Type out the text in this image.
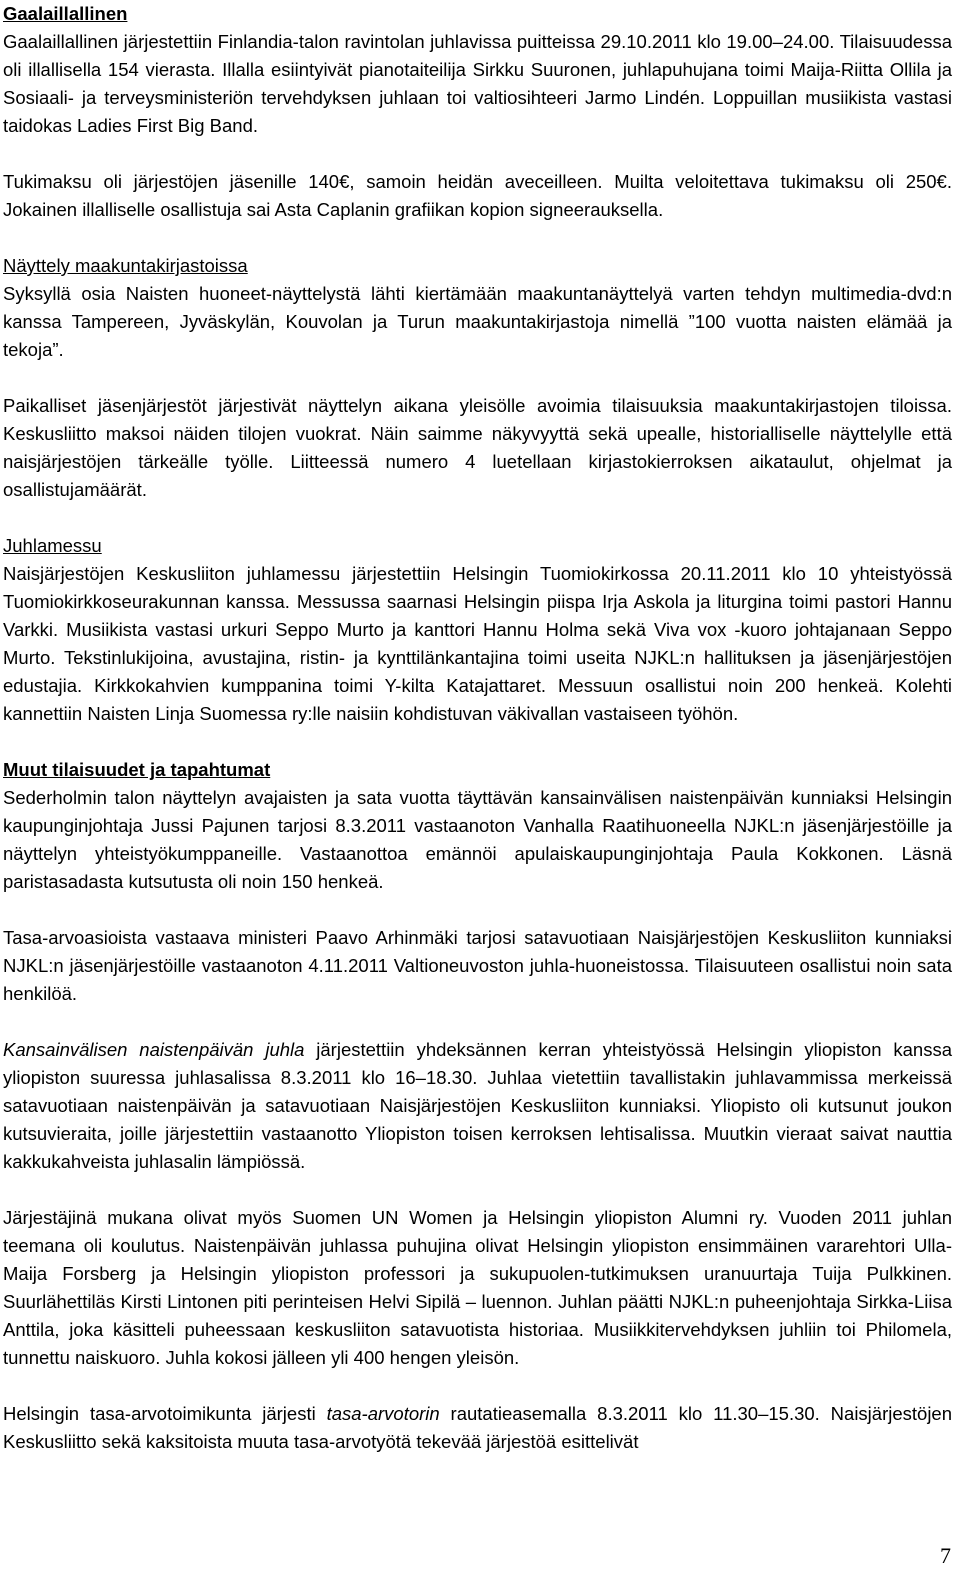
Gaalaillallinen

Gaalaillallinen järjestettiin Finlandia-talon ravintolan juhlavissa puitteissa 29.10.2011 klo 19.00–24.00. Tilaisuudessa oli illallisella 154 vierasta. Illalla esiintyivät pianotaiteilija Sirkku Suuronen, juhlapuhujana toimi Maija-Riitta Ollila ja Sosiaali- ja terveysministeriön tervehdyksen juhlaan toi valtiosihteeri Jarmo Lindén. Loppuillan musiikista vastasi taidokas Ladies First Big Band.

Tukimaksu oli järjestöjen jäsenille 140€, samoin heidän aveceilleen. Muilta veloitettava tukimaksu oli 250€. Jokainen illalliselle osallistuja sai Asta Caplanin grafiikan kopion signeerauksella.

Näyttely maakuntakirjastoissa

Syksyllä osia Naisten huoneet-näyttelystä lähti kiertämään maakuntanäyttelyä varten tehdyn multimedia-dvd:n kanssa Tampereen, Jyväskylän, Kouvolan ja Turun maakuntakirjastoja nimellä ”100 vuotta naisten elämää ja tekoja”.

Paikalliset jäsenjärjestöt järjestivät näyttelyn aikana yleisölle avoimia tilaisuuksia maakuntakirjastojen tiloissa. Keskusliitto maksoi näiden tilojen vuokrat. Näin saimme näkyvyyttä sekä upealle, historialliselle näyttelylle että naisjärjestöjen tärkeälle työlle. Liitteessä numero 4 luetellaan kirjastokierroksen aikataulut, ohjelmat ja osallistujamäärät.

Juhlamessu

Naisjärjestöjen Keskusliiton juhlamessu järjestettiin Helsingin Tuomiokirkossa 20.11.2011 klo 10 yhteistyössä Tuomiokirkkoseurakunnan kanssa. Messussa saarnasi Helsingin piispa Irja Askola ja liturgina toimi pastori Hannu Varkki. Musiikista vastasi urkuri Seppo Murto ja kanttori Hannu Holma sekä Viva vox -kuoro johtajanaan Seppo Murto. Tekstinlukijoina, avustajina, ristin- ja kynttilänkantajina toimi useita NJKL:n hallituksen ja jäsenjärjestöjen edustajia. Kirkkokahvien kumppanina toimi Y-kilta Katajattaret. Messuun osallistui noin 200 henkeä. Kolehti kannettiin Naisten Linja Suomessa ry:lle naisiin kohdistuvan väkivallan vastaiseen työhön.

Muut tilaisuudet ja tapahtumat

Sederholmin talon näyttelyn avajaisten ja sata vuotta täyttävän kansainvälisen naistenpäivän kunniaksi Helsingin kaupunginjohtaja Jussi Pajunen tarjosi 8.3.2011 vastaanoton Vanhalla Raatihuoneella NJKL:n jäsenjärjestöille ja näyttelyn yhteistyökumppaneille. Vastaanottoa emännöi apulaiskaupunginjohtaja Paula Kokkonen. Läsnä paristasadasta kutsutusta oli noin 150 henkeä.

Tasa-arvoasioista vastaava ministeri Paavo Arhinmäki tarjosi satavuotiaan Naisjärjestöjen Keskusliiton kunniaksi NJKL:n jäsenjärjestöille vastaanoton 4.11.2011 Valtioneuvoston juhla-huoneistossa. Tilaisuuteen osallistui noin sata henkilöä.

Kansainvälisen naistenpäivän juhla järjestettiin yhdeksännen kerran yhteistyössä Helsingin yliopiston kanssa yliopiston suuressa juhlasalissa 8.3.2011 klo 16–18.30. Juhlaa vietettiin tavallistakin juhlavammissa merkeissä satavuotiaan naistenpäivän ja satavuotiaan Naisjärjestöjen Keskusliiton kunniaksi. Yliopisto oli kutsunut joukon kutsuvieraita, joille järjestettiin vastaanotto Yliopiston toisen kerroksen lehtisalissa. Muutkin vieraat saivat nauttia kakkukahveista juhlasalin lämpiössä.

Järjestäjinä mukana olivat myös Suomen UN Women ja Helsingin yliopiston Alumni ry. Vuoden 2011 juhlan teemana oli koulutus. Naistenpäivän juhlassa puhujina olivat Helsingin yliopiston ensimmäinen vararehtori Ulla-Maija Forsberg ja Helsingin yliopiston professori ja sukupuolen-tutkimuksen uranuurtaja Tuija Pulkkinen. Suurlähettiläs Kirsti Lintonen piti perinteisen Helvi Sipilä – luennon. Juhlan päätti NJKL:n puheenjohtaja Sirkka-Liisa Anttila, joka käsitteli puheessaan keskusliiton satavuotista historiaa. Musiikkitervehdyksen juhliin toi Philomela, tunnettu naiskuoro. Juhla kokosi jälleen yli 400 hengen yleisön.

Helsingin tasa-arvotoimikunta järjesti tasa-arvotorin rautatieasemalla 8.3.2011 klo 11.30–15.30. Naisjärjestöjen Keskusliitto sekä kaksitoista muuta tasa-arvotyötä tekevää järjestöä esittelivät

7
